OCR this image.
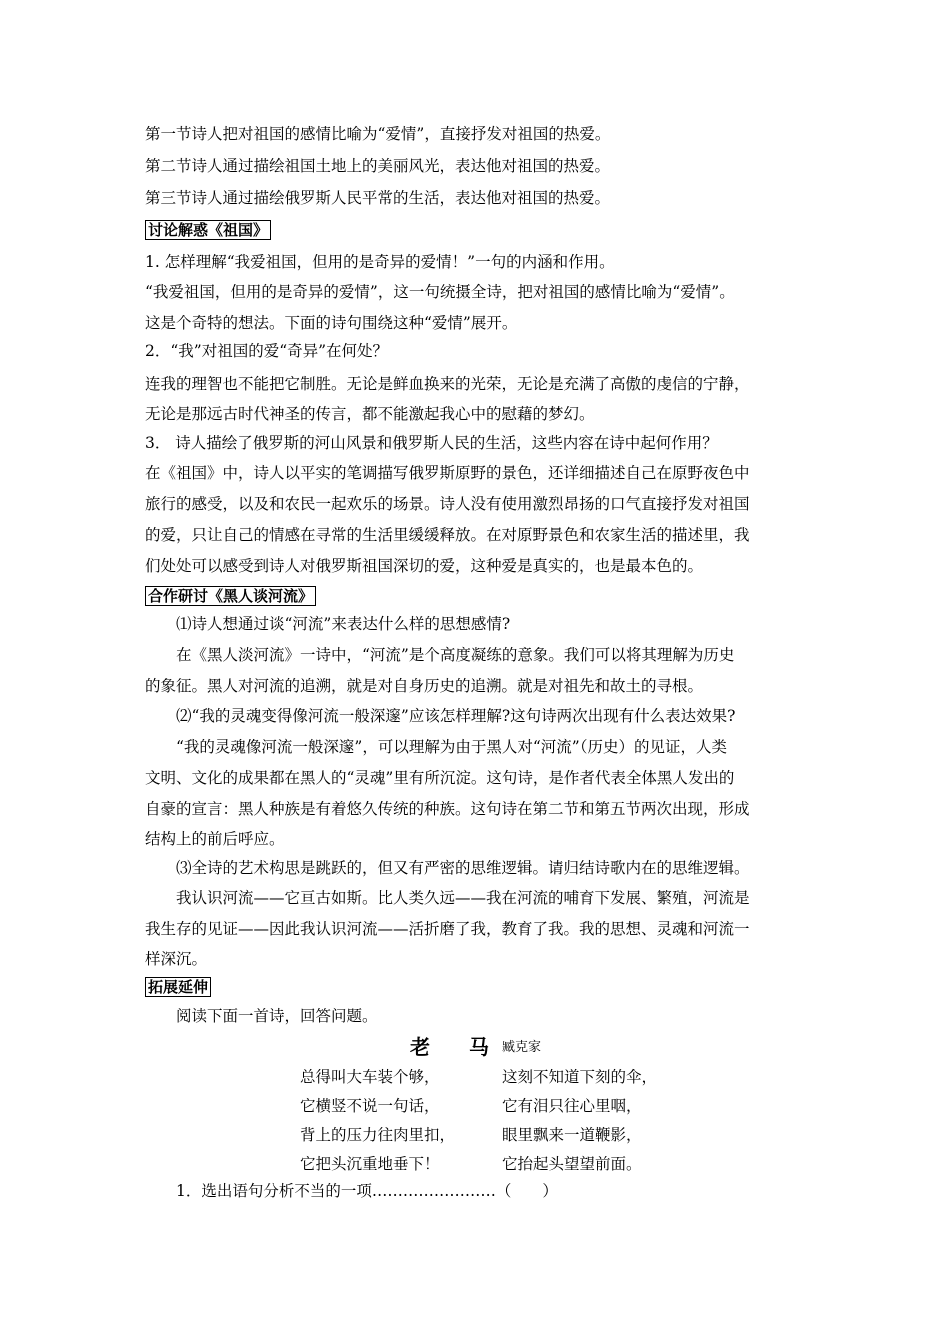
第一节诗人把对祖国的感情比喻为“爱情”，直接抒发对祖国的热爱。
第二节诗人通过描绘祖国土地上的美丽风光，表达他对祖国的热爱。
第三节诗人通过描绘俄罗斯人民平常的生活，表达他对祖国的热爱。
讨论解惑《祖国》
1. 怎样理解“我爱祖国，但用的是奇异的爱情！”一句的内涵和作用。
“我爱祖国，但用的是奇异的爱情”，这一句统摄全诗，把对祖国的感情比喻为“爱情”。
这是个奇特的想法。下面的诗句围绕这种“爱情”展开。
2．“我”对祖国的爱“奇异”在何处？
连我的理智也不能把它制胜。无论是鲜血换来的光荣，无论是充满了高傲的虔信的宁静，
无论是那远古时代神圣的传言，都不能激起我心中的慰藉的梦幻。
3． 诗人描绘了俄罗斯的河山风景和俄罗斯人民的生活，这些内容在诗中起何作用？
在《祖国》中，诗人以平实的笔调描写俄罗斯原野的景色，还详细描述自己在原野夜色中
旅行的感受，以及和农民一起欢乐的场景。诗人没有使用激烈昂扬的口气直接抒发对祖国
的爱，只让自己的情感在寻常的生活里缓缓释放。在对原野景色和农家生活的描述里，我
们处处可以感受到诗人对俄罗斯祖国深切的爱，这种爱是真实的，也是最本色的。
合作研讨《黑人谈河流》
⑴诗人想通过谈“河流”来表达什么样的思想感情?
在《黑人淡河流》一诗中，“河流”是个高度凝练的意象。我们可以将其理解为历史
的象征。黑人对河流的追溯，就是对自身历史的追溯。就是对祖先和故土的寻根。
⑵“我的灵魂变得像河流一般深邃”应该怎样理解?这句诗两次出现有什么表达效果?
“我的灵魂像河流一般深邃”，可以理解为由于黑人对“河流”（历史）的见证，人类
文明、文化的成果都在黑人的“灵魂”里有所沉淀。这句诗，是作者代表全体黑人发出的
自豪的宣言：黑人种族是有着悠久传统的种族。这句诗在第二节和第五节两次出现，形成
结构上的前后呼应。
⑶全诗的艺术构思是跳跃的，但又有严密的思维逻辑。请归结诗歌内在的思维逻辑。
我认识河流——它亘古如斯。比人类久远——我在河流的哺育下发展、繁殖，河流是
我生存的见证——因此我认识河流——活折磨了我，教育了我。我的思想、灵魂和河流一
样深沉。
拓展延伸
阅读下面一首诗，回答问题。
老 马
臧克家
总得叫大车装个够，
它横竖不说一句话，
背上的压力往肉里扣，
它把头沉重地垂下！
这刻不知道下刻的伞，
它有泪只往心里咽，
眼里飘来一道鞭影，
它抬起头望望前面。
1．选出语句分析不当的一项……………………（　　）
